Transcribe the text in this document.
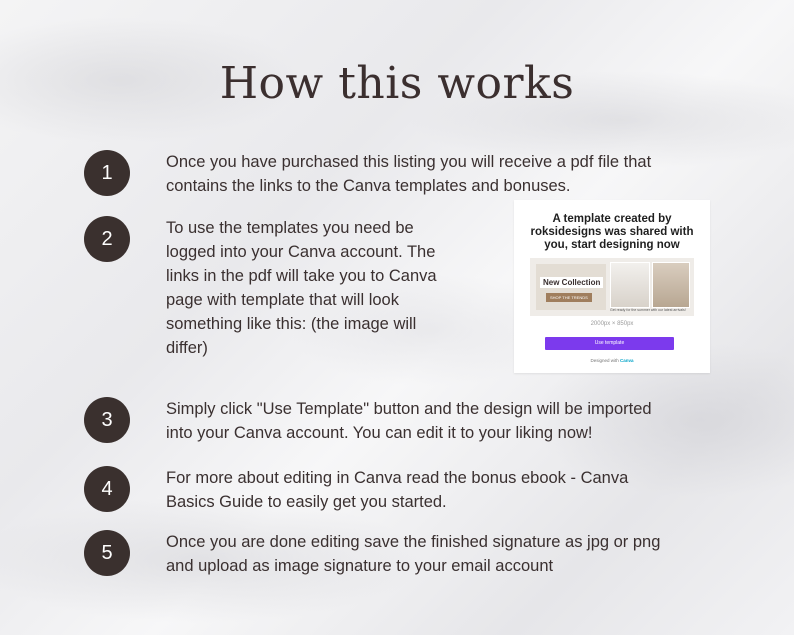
How this works
1	Once you have purchased this listing you will receive a pdf file that
contains the links to the Canva templates and bonuses.
2	To use the templates you need be
logged into your Canva account. The
links in the pdf will take you to Canva
page with template that will look
something like this: (the image will
differ)
A template created by
roksidesigns was shared with
you, start designing now
New Collection
SHOP THE TRENDS
Get ready for the summer with our latest arrivals!
2000px × 850px
Use template
Designed with Canva
3	Simply click "Use Template" button and the design will be imported
into your Canva account. You can edit it to your liking now!
4	For more about editing in Canva read the bonus ebook - Canva
Basics Guide to easily get you started.
5	Once you are done editing save the finished signature as jpg or png
and upload as image signature to your email account
